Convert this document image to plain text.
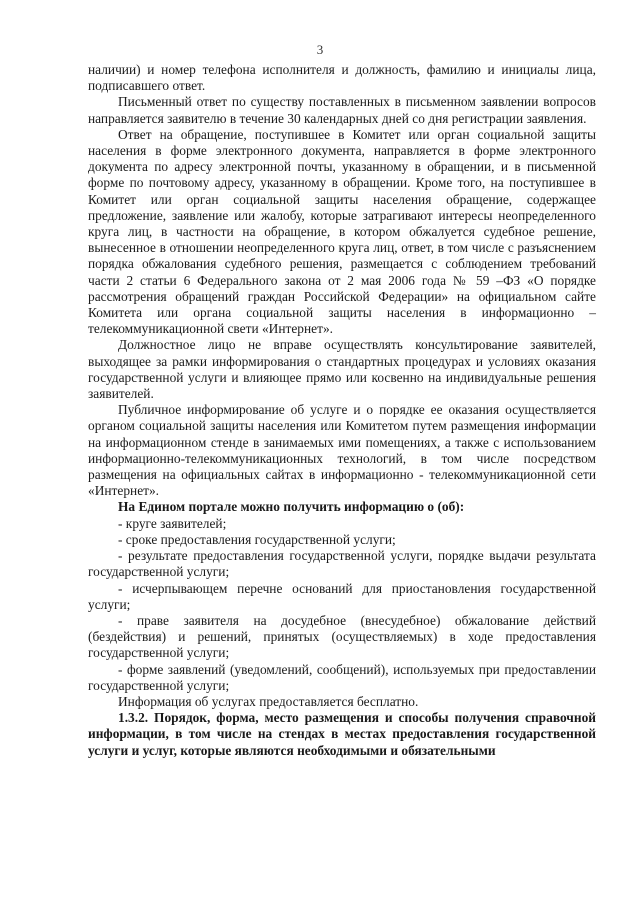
3

наличии) и номер телефона исполнителя и должность, фамилию и инициалы лица, подписавшего ответ.

Письменный ответ по существу поставленных в письменном заявлении вопросов направляется заявителю в течение 30 календарных дней со дня регистрации заявления.

Ответ на обращение, поступившее в Комитет или орган социальной защиты населения в форме электронного документа, направляется в форме электронного документа по адресу электронной почты, указанному в обращении, и в письменной форме по почтовому адресу, указанному в обращении. Кроме того, на поступившее в Комитет или орган социальной защиты населения обращение, содержащее предложение, заявление или жалобу, которые затрагивают интересы неопределенного круга лиц, в частности на обращение, в котором обжалуется судебное решение, вынесенное в отношении неопределенного круга лиц, ответ, в том числе с разъяснением порядка обжалования судебного решения, размещается с соблюдением требований части 2 статьи 6 Федерального закона от 2 мая 2006 года № 59 –ФЗ «О порядке рассмотрения обращений граждан Российской Федерации» на официальном сайте Комитета или органа социальной защиты населения в информационно – телекоммуникационной свети «Интернет».

Должностное лицо не вправе осуществлять консультирование заявителей, выходящее за рамки информирования о стандартных процедурах и условиях оказания государственной услуги и влияющее прямо или косвенно на индивидуальные решения заявителей.

Публичное информирование об услуге и о порядке ее оказания осуществляется органом социальной защиты населения или Комитетом путем размещения информации на информационном стенде в занимаемых ими помещениях, а также с использованием информационно-телекоммуникационных технологий, в том числе посредством размещения на официальных сайтах в информационно - телекоммуникационной сети «Интернет».

На Едином портале можно получить информацию о (об):

- круге заявителей;

- сроке предоставления государственной услуги;

- результате предоставления государственной услуги, порядке выдачи результата государственной услуги;

- исчерпывающем перечне оснований для приостановления государственной услуги;

- праве заявителя на досудебное (внесудебное) обжалование действий (бездействия) и решений, принятых (осуществляемых) в ходе предоставления государственной услуги;

- форме заявлений (уведомлений, сообщений), используемых при предоставлении государственной услуги;

Информация об услугах предоставляется бесплатно.

1.3.2. Порядок, форма, место размещения и способы получения справочной информации, в том числе на стендах в местах предоставления государственной услуги и услуг, которые являются необходимыми и обязательными
